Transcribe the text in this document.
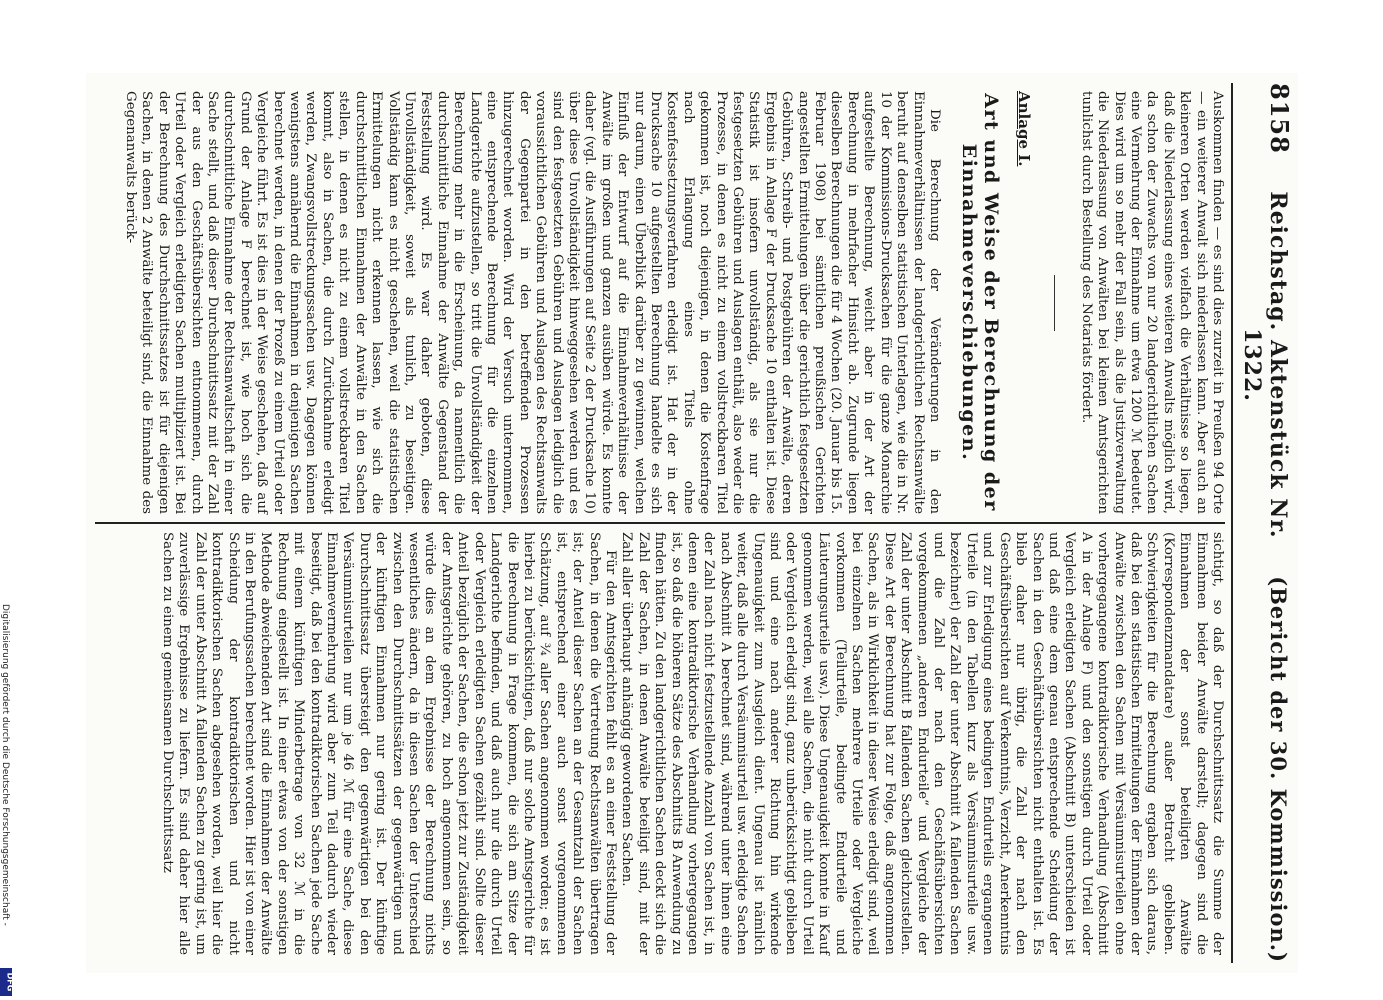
8158
Reichstag. Aktenstück Nr. 1322.
(Bericht der 30. Kommission.)

Auskommen finden — es sind dies zurzeit in Preußen 94 Orte — ein weiterer Anwalt sich niederlassen kann. Aber auch an kleineren Orten werden vielfach die Verhältnisse so liegen, daß die Niederlassung eines weiteren Anwalts möglich wird, da schon der Zuwachs von nur 20 landgerichtlichen Sachen eine Vermehrung der Einnahme um etwa 1200 ℳ bedeutet. Dies wird um so mehr der Fall sein, als die Justizverwaltung die Niederlassung von Anwälten bei kleinen Amtsgerichten tunlichst durch Bestellung des Notariats fördert.

Anlage I.
Art und Weise der Berechnung der Einnahmeverschiebungen.

Die Berechnung der Veränderungen in den Einnahmeverhältnissen der landgerichtlichen Rechtsanwälte beruht auf denselben statistischen Unterlagen, wie die in Nr. 10 der Kommissions-Drucksachen für die ganze Monarchie aufgestellte Berechnung, weicht aber in der Art der Berechnung in mehrfacher Hinsicht ab. Zugrunde liegen dieselben Berechnungen die für 4 Wochen (20. Januar bis 15. Februar 1908) bei sämtlichen preußischen Gerichten angestellten Ermittelungen über die gerichtlich festgesetzten Gebühren, Schreib- und Postgebühren der Anwälte, deren Ergebnis in Anlage F der Drucksache 10 enthalten ist. Diese Statistik ist insofern unvollständig, als sie nur die festgesetzten Gebühren und Auslagen enthält, also weder die Prozesse, in denen es nicht zu einem vollstreckbaren Titel gekommen ist, noch diejenigen, in denen die Kostenfrage nach Erlangung eines Titels ohne Kostenfestsetzungsverfahren erledigt ist. Hat der in der Drucksache 10 aufgestellten Berechnung handelte es sich nur darum, einen Überblick darüber zu gewinnen, welchen Einfluß der Entwurf auf die Einnahmeverhältnisse der Anwälte im großen und ganzen ausüben würde. Es konnte daher (vgl. die Ausführungen auf Seite 2 der Drucksache 10) über diese Unvollständigkeit hinweggesehen werden und es sind den festgesetzten Gebühren und Auslagen lediglich die voraussichtlichen Gebühren und Auslagen des Rechtsanwalts der Gegenpartei in den betreffenden Prozessen hinzugerechnet worden. Wird der Versuch unternommen, eine entsprechende Berechnung für die einzelnen Landgerichte aufzustellen, so tritt die Unvollständigkeit der Berechnung mehr in die Erscheinung, da namentlich die durchschnittliche Einnahme der Anwälte Gegenstand der Feststellung wird. Es war daher geboten, diese Unvollständigkeit, soweit als tunlich, zu beseitigen. Vollständig kann es nicht geschehen, weil die statistischen Ermittelungen nicht erkennen lassen, wie sich die durchschnittlichen Einnahmen der Anwälte in den Sachen stellen, in denen es nicht zu einem vollstreckbaren Titel kommt, also in Sachen, die durch Zurücknahme erledigt werden, Zwangsvollstreckungssachen usw. Dagegen können wenigstens annähernd die Einnahmen in denjenigen Sachen berechnet werden, in denen der Prozeß zu einem Urteil oder Vergleiche führt. Es ist dies in der Weise geschehen, daß auf Grund der Anlage F berechnet ist, wie hoch sich die durchschnittliche Einnahme der Rechtsanwaltschaft in einer Sache stellt, und daß dieser Durchschnittssatz mit der Zahl der aus den Geschäftsübersichten entnommenen, durch Urteil oder Vergleich erledigten Sachen multipliziert ist. Bei der Berechnung des Durchschnittssatzes ist für diejenigen Sachen, in denen 2 Anwälte beteiligt sind, die Einnahme des Gegenanwalts berück-

sichtigt, so daß der Durchschnittssatz die Summe der Einnahmen beider Anwälte darstellt; dagegen sind die Einnahmen der sonst beteiligten Anwälte (Korrespondenzmandatare) außer Betracht geblieben. Schwierigkeiten für die Berechnung ergaben sich daraus, daß bei den statistischen Ermittelungen der Einnahmen der Anwälte zwischen den Sachen mit Versäumnisurteilen ohne vorhergegangene kontradiktorische Verhandlung (Abschnitt A in der Anlage F) und den sonstigen durch Urteil oder Vergleich erledigten Sachen (Abschnitt B) unterschieden ist und daß eine dem genau entsprechende Scheidung der Sachen in den Geschäftsübersichten nicht enthalten ist. Es blieb daher nur übrig, die Zahl der nach den Geschäftsübersichten auf Verkenntnis, Verzicht, Anerkenntnis und zur Erledigung eines bedingten Endurteils ergangenen Urteile (in den Tabellen kurz als Versäumnisurteile usw. bezeichnet) der Zahl der unter Abschnitt A fallenden Sachen und die Zahl der nach den Geschäftsübersichten vorgekommenen „anderen Endurteile“ und Vergleiche der Zahl der unter Abschnitt B fallenden Sachen gleichzustellen. Diese Art der Berechnung hat zur Folge, daß angenommen Sachen, als in Wirklichkeit in dieser Weise erledigt sind, weil bei einzelnen Sachen mehrere Urteile oder Vergleiche vorkommen (Teilurteile, bedingte Endurteile und Läuterungsurteile usw.). Diese Ungenauigkeit konnte in Kauf genommen werden, weil alle Sachen, die nicht durch Urteil oder Vergleich erledigt sind, ganz unberücksichtigt geblieben sind und eine nach anderer Richtung hin wirkende Ungenauigkeit zum Ausgleich dient. Ungenau ist nämlich weiter, daß alle durch Versäumnisurteil usw. erledigte Sachen nach Abschnitt A berechnet sind, während unter ihnen eine der Zahl nach nicht festzustellende Anzahl von Sachen ist, in denen eine kontradiktorische Verhandlung vorhergegangen ist, so daß die höheren Sätze des Abschnitts B Anwendung zu finden hätten. Zu den landgerichtlichen Sachen deckt sich die Zahl der Sachen, in denen Anwälte beteiligt sind, mit der Zahl aller überhaupt anhängig gewordenen Sachen.

Für den Amtsgerichten fehlt es an einer Feststellung der Sachen, in denen die Vertretung Rechtsanwälten übertragen ist; der Anteil dieser Sachen an der Gesamtzahl der Sachen ist, entsprechend einer auch sonst vorgenommenen Schätzung, auf ¾ aller Sachen angenommen worden; es ist hierbei zu berücksichtigen, daß nur solche Amtsgerichte für die Berechnung in Frage kommen, die sich am Sitze der Landgerichte befinden, und daß auch nur die durch Urteil oder Vergleich erledigten Sachen gezählt sind. Sollte dieser Anteil bezüglich der Sachen, die schon jetzt zur Zuständigkeit der Amtsgerichte gehören, zu hoch angenommen sein, so würde dies an dem Ergebnisse der Berechnung nichts wesentliches ändern, da in diesen Sachen der Unterschied zwischen den Durchschnittssätzen der gegenwärtigen und der künftigen Einnahmen nur gering ist. Der künftige Durchschnittssatz übersteigt den gegenwärtigen bei den Versäumnisurteilen nur um je 46 ℳ für eine Sache, diese Einnahmevermehrung wird aber zum Teil dadurch wieder beseitigt, daß bei den kontradiktorischen Sachen jede Sache mit einem künftigen Minderbetrage von 32 ℳ in die Rechnung eingestellt ist. In einer etwas von der sonstigen Methode abweichenden Art sind die Einnahmen der Anwälte in den Berufungssachen berechnet worden. Hier ist von einer Scheidung der kontradiktorischen und nicht kontradiktorischen Sachen abgesehen worden, weil hier die Zahl der unter Abschnitt A fallenden Sachen zu gering ist, um zuverlässige Ergebnisse zu liefern. Es sind daher hier alle Sachen zu einem gemeinsamen Durchschnittssatz

Digitalisierung gefördert durch die Deutsche Forschungsgemeinschaft -
DFG
